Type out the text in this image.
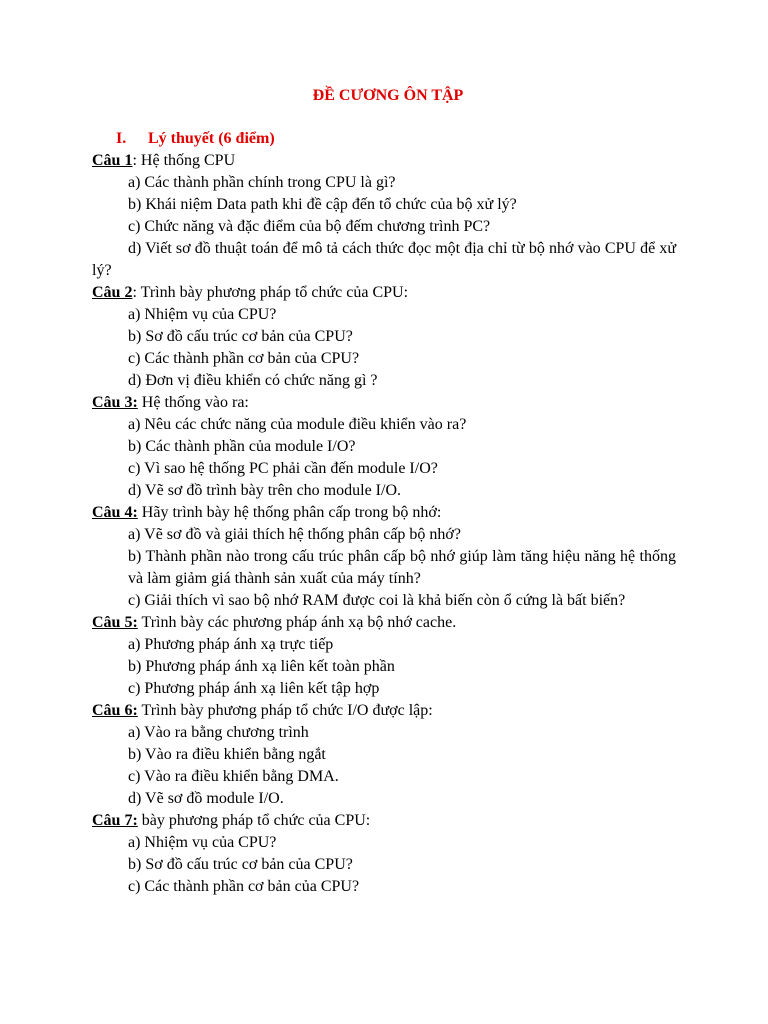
ĐỀ CƯƠNG ÔN TẬP
I. Lý thuyết (6 điểm)
Câu 1: Hệ thống CPU
a) Các thành phần chính trong CPU là gì?
b) Khái niệm Data path khi đề cập đến tổ chức của bộ xử lý?
c) Chức năng và đặc điểm của bộ đếm chương trình PC?
d) Viết sơ đồ thuật toán để mô tả cách thức đọc một địa chỉ từ bộ nhớ vào CPU để xử lý?
Câu 2: Trình bày phương pháp tổ chức của CPU:
a) Nhiệm vụ của CPU?
b) Sơ đồ cấu trúc cơ bản của CPU?
c) Các thành phần cơ bản của CPU?
d) Đơn vị điều khiển có chức năng gì ?
Câu 3: Hệ thống vào ra:
a) Nêu các chức năng của module điều khiển vào ra?
b) Các thành phần của module I/O?
c) Vì sao hệ thống PC phải cần đến module I/O?
d) Vẽ sơ đồ trình bày trên cho module I/O.
Câu 4: Hãy trình bày hệ thống phân cấp trong bộ nhớ:
a) Vẽ sơ đồ và giải thích hệ thống phân cấp bộ nhớ?
b) Thành phần nào trong cấu trúc phân cấp bộ nhớ giúp làm tăng hiệu năng hệ thống và làm giảm giá thành sản xuất của máy tính?
c) Giải thích vì sao bộ nhớ RAM được coi là khả biến còn ổ cứng là bất biến?
Câu 5: Trình bày các phương pháp ánh xạ bộ nhớ cache.
a) Phương pháp ánh xạ trực tiếp
b) Phương pháp ánh xạ liên kết toàn phần
c) Phương pháp ánh xạ liên kết tập hợp
Câu 6: Trình bày phương pháp tổ chức I/O được lập:
a) Vào ra bằng chương trình
b) Vào ra điều khiển bằng ngắt
c) Vào ra điều khiển bằng DMA.
d) Vẽ sơ đồ module I/O.
Câu 7: bày phương pháp tổ chức của CPU:
a) Nhiệm vụ của CPU?
b) Sơ đồ cấu trúc cơ bản của CPU?
c) Các thành phần cơ bản của CPU?
